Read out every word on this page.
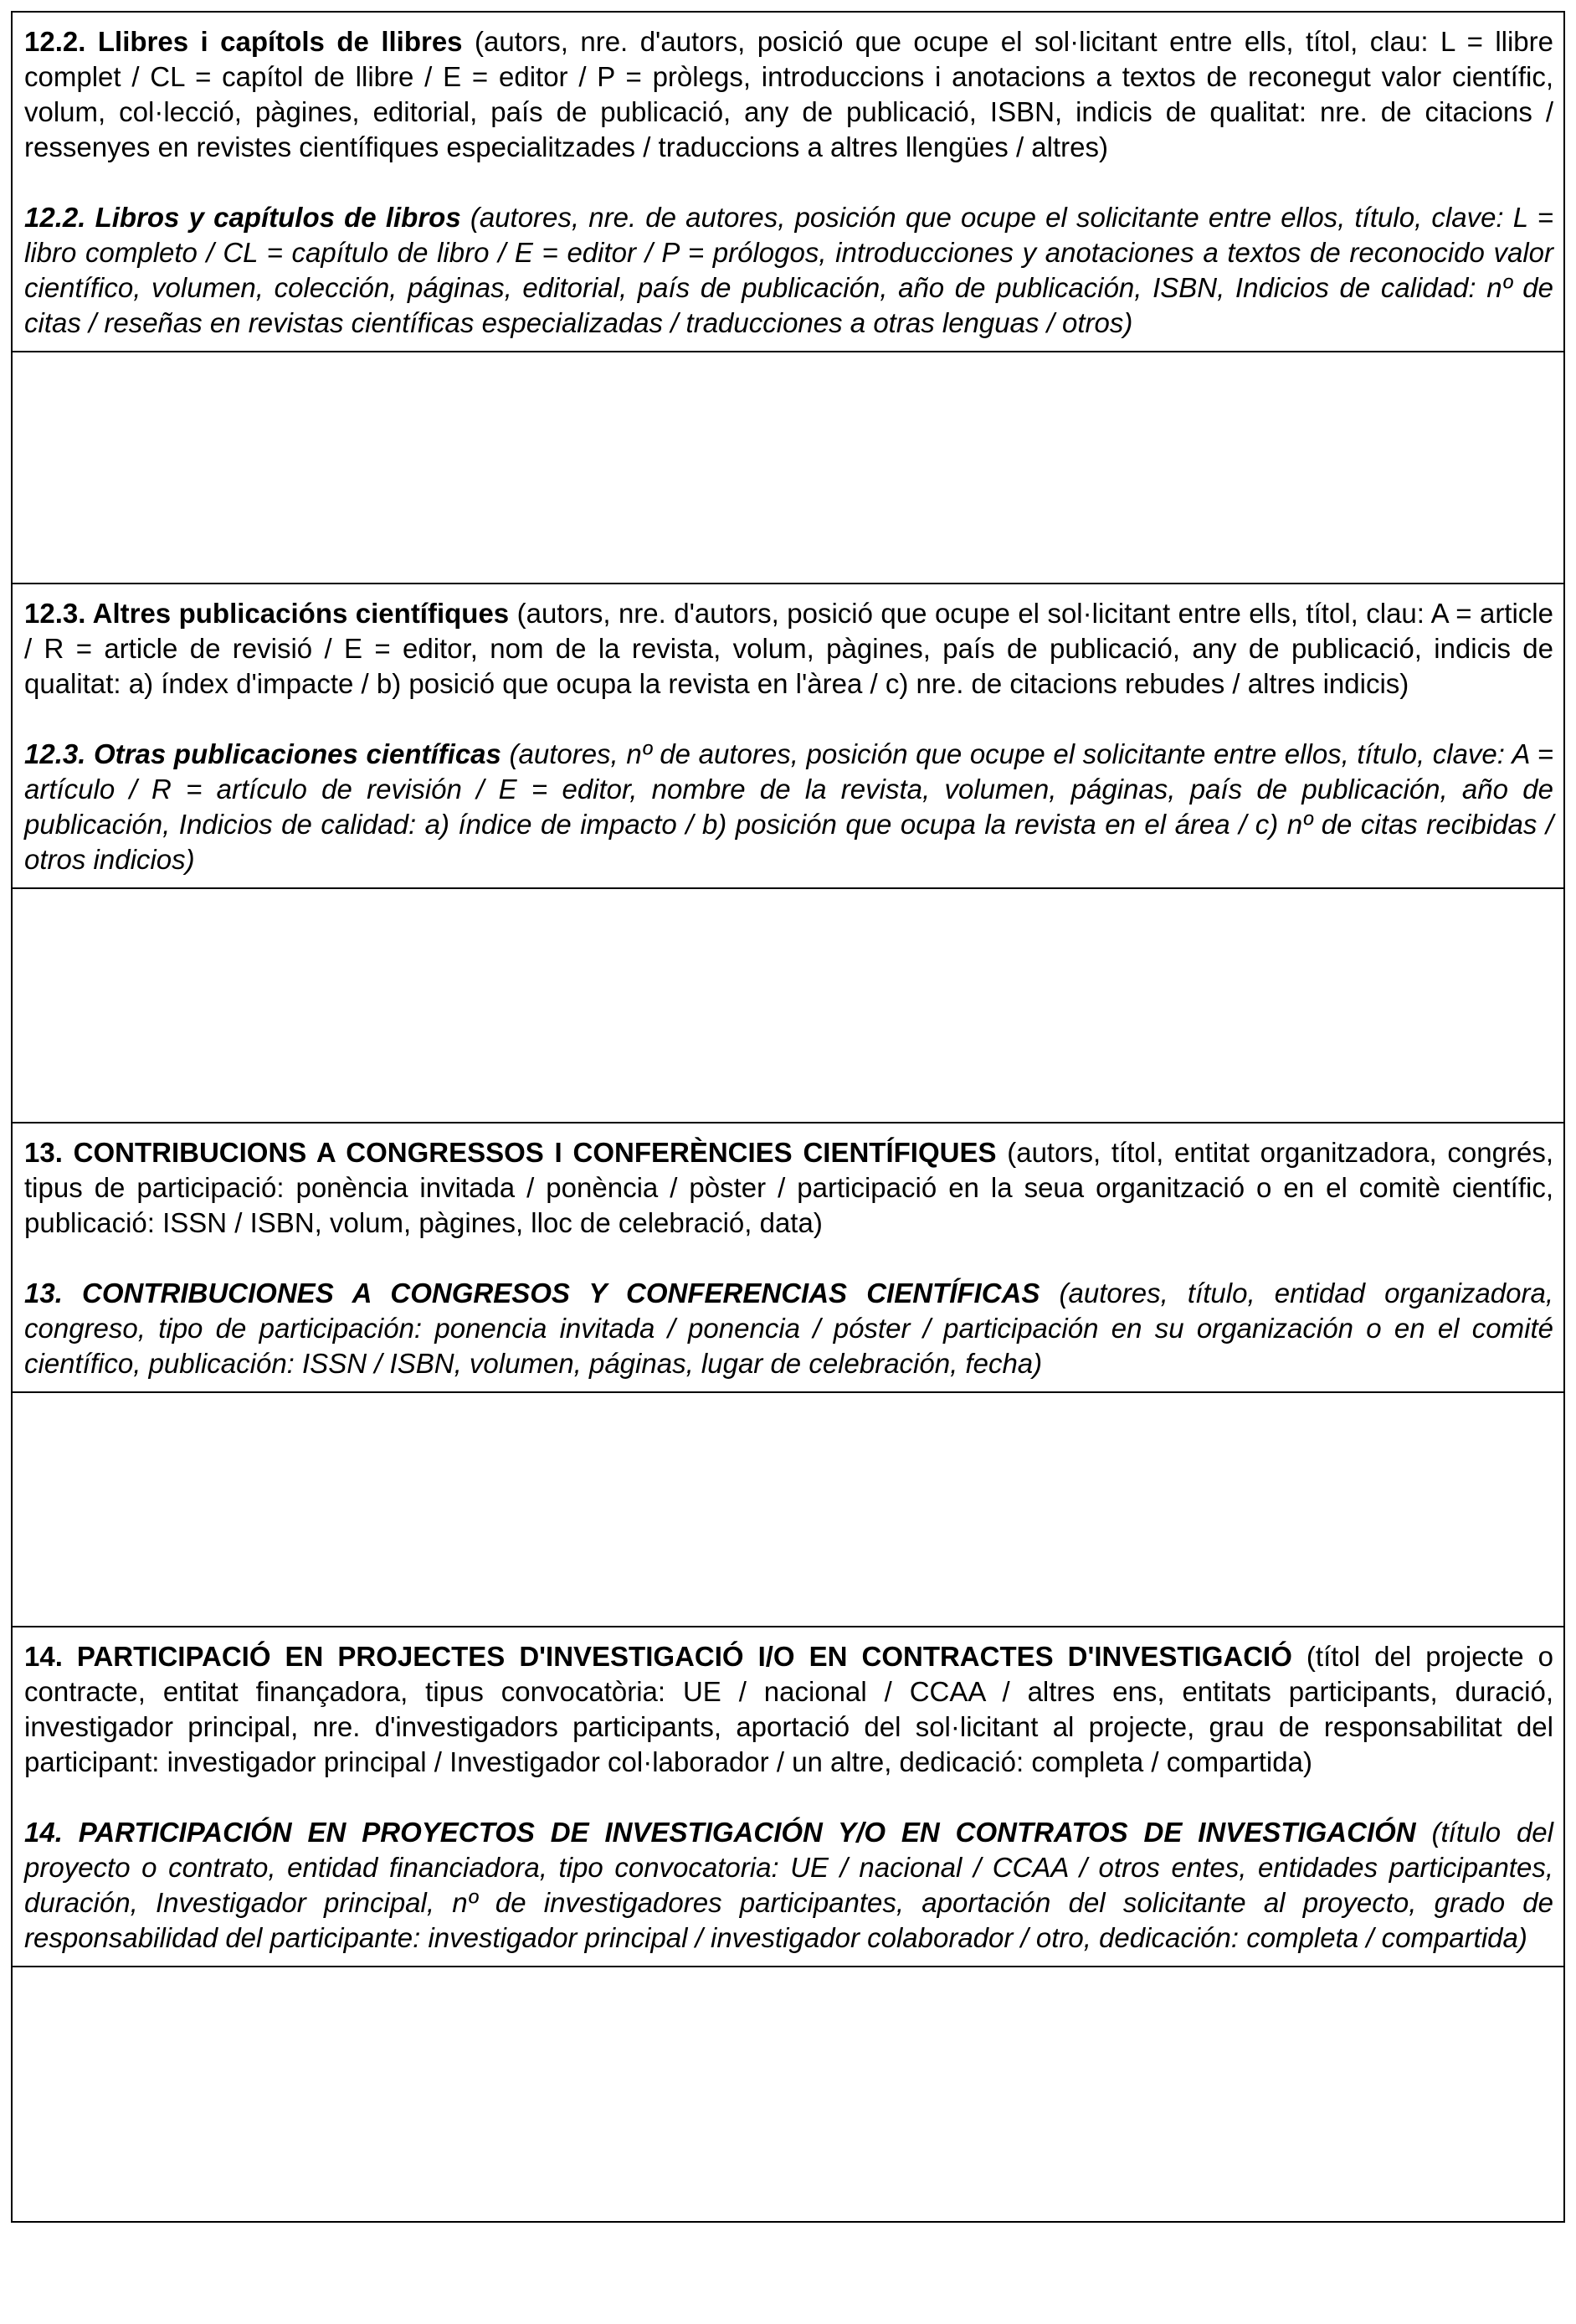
12.2. Llibres i capítols de llibres (autors, nre. d'autors, posició que ocupe el sol·licitant entre ells, títol, clau: L = llibre complet / CL = capítol de llibre / E = editor / P = pròlegs, introduccions i anotacions a textos de reconegut valor científic, volum, col·lecció, pàgines, editorial, país de publicació, any de publicació, ISBN, indicis de qualitat: nre. de citacions / ressenyes en revistes científiques especialitzades / traduccions a altres llengües / altres)

12.2. Libros y capítulos de libros (autores, nre. de autores, posición que ocupe el solicitante entre ellos, título, clave: L = libro completo / CL = capítulo de libro / E = editor / P = prólogos, introducciones y anotaciones a textos de reconocido valor científico, volumen, colección, páginas, editorial, país de publicación, año de publicación, ISBN, Indicios de calidad: nº de citas / reseñas en revistas científicas especializadas / traducciones a otras lenguas / otros)

12.3. Altres publicacións científiques (autors, nre. d'autors, posició que ocupe el sol·licitant entre ells, títol, clau: A = article / R = article de revisió / E = editor, nom de la revista, volum, pàgines, país de publicació, any de publicació, indicis de qualitat: a) índex d'impacte / b) posició que ocupa la revista en l'àrea / c) nre. de citacions rebudes / altres indicis)

12.3. Otras publicaciones científicas (autores, nº de autores, posición que ocupe el solicitante entre ellos, título, clave: A = artículo / R = artículo de revisión / E = editor, nombre de la revista, volumen, páginas, país de publicación, año de publicación, Indicios de calidad: a) índice de impacto / b) posición que ocupa la revista en el área / c) nº de citas recibidas / otros indicios)

13. CONTRIBUCIONS A CONGRESSOS I CONFERÈNCIES CIENTÍFIQUES (autors, títol, entitat organitzadora, congrés, tipus de participació: ponència invitada / ponència / pòster / participació en la seua organització o en el comitè científic, publicació: ISSN / ISBN, volum, pàgines, lloc de celebració, data)

13. CONTRIBUCIONES A CONGRESOS Y CONFERENCIAS CIENTÍFICAS (autores, título, entidad organizadora, congreso, tipo de participación: ponencia invitada / ponencia / póster / participación en su organización o en el comité científico, publicación: ISSN / ISBN, volumen, páginas, lugar de celebración, fecha)

14. PARTICIPACIÓ EN PROJECTES D'INVESTIGACIÓ I/O EN CONTRACTES D'INVESTIGACIÓ (títol del projecte o contracte, entitat finançadora, tipus convocatòria: UE / nacional / CCAA / altres ens, entitats participants, duració, investigador principal, nre. d'investigadors participants, aportació del sol·licitant al projecte, grau de responsabilitat del participant: investigador principal / Investigador col·laborador / un altre, dedicació: completa / compartida)

14. PARTICIPACIÓN EN PROYECTOS DE INVESTIGACIÓN Y/O EN CONTRATOS DE INVESTIGACIÓN (título del proyecto o contrato, entidad financiadora, tipo convocatoria: UE / nacional / CCAA / otros entes, entidades participantes, duración, Investigador principal, nº de investigadores participantes, aportación del solicitante al proyecto, grado de responsabilidad del participante: investigador principal / investigador colaborador / otro, dedicación: completa / compartida)
